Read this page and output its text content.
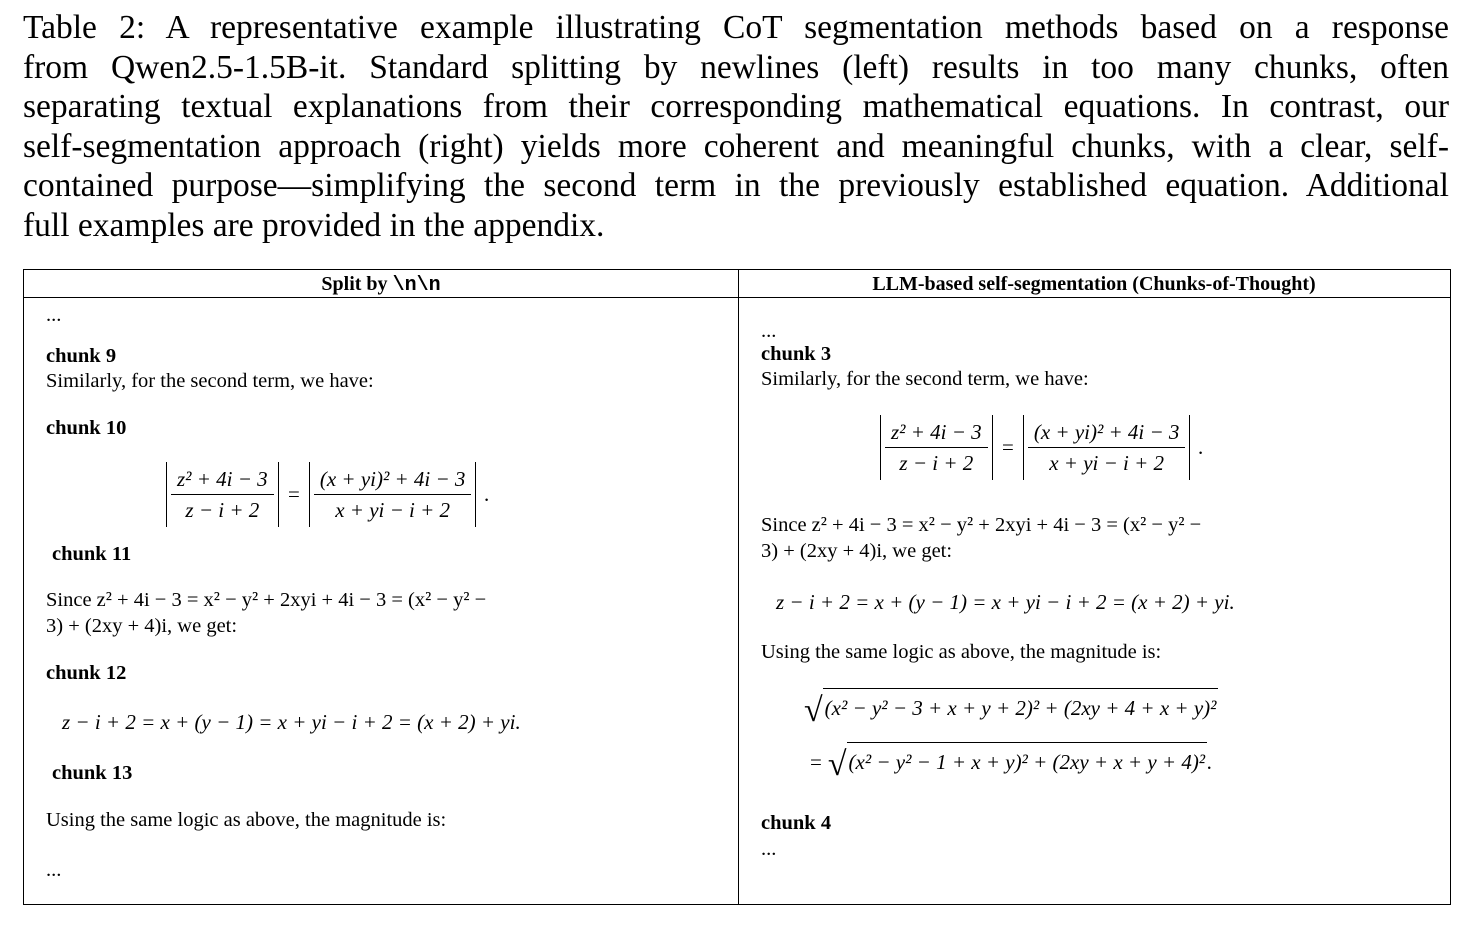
Table 2: A representative example illustrating CoT segmentation methods based on a response
from Qwen2.5-1.5B-it. Standard splitting by newlines (left) results in too many chunks, often
separating textual explanations from their corresponding mathematical equations. In contrast, our
self-segmentation approach (right) yields more coherent and meaningful chunks, with a clear, self-
contained purpose—simplifying the second term in the previously established equation. Additional
full examples are provided in the appendix.
Split by \n\n	LLM-based self-segmentation (Chunks-of-Thought)
...
chunk 9
Similarly, for the second term, we have:
chunk 10
$\frac{\text{z² + 4i − 3}}{z - i + 2} = \frac{\text{(x + yi)² + 4i − 3}}{x + yi - i + 2}$ .
chunk 11
Since z² + 4i − 3 = x² − y² + 2xyi + 4i − 3 = (x² − y² −
3) + (2xy + 4)i, we get:
chunk 12
z − i + 2 = x + (y − 1) = x + yi − i + 2 = (x + 2) + yi.
chunk 13
Using the same logic as above, the magnitude is:
...
...
chunk 3
Similarly, for the second term, we have:
$\frac{\text{z² + 4i − 3}}{z - i + 2} = \frac{\text{(x + yi)² + 4i − 3}}{x + yi - i + 2}$ .
Since z² + 4i − 3 = x² − y² + 2xyi + 4i − 3 = (x² − y² −
3) + (2xy + 4)i, we get:
z − i + 2 = x + (y − 1) = x + yi − i + 2 = (x + 2) + yi.
Using the same logic as above, the magnitude is:
√(x² − y² − 3 + x + y + 2)² + (2xy + 4 + x + y)²
= √(x² − y² − 1 + x + y)² + (2xy + x + y + 4)².
chunk 4
...
